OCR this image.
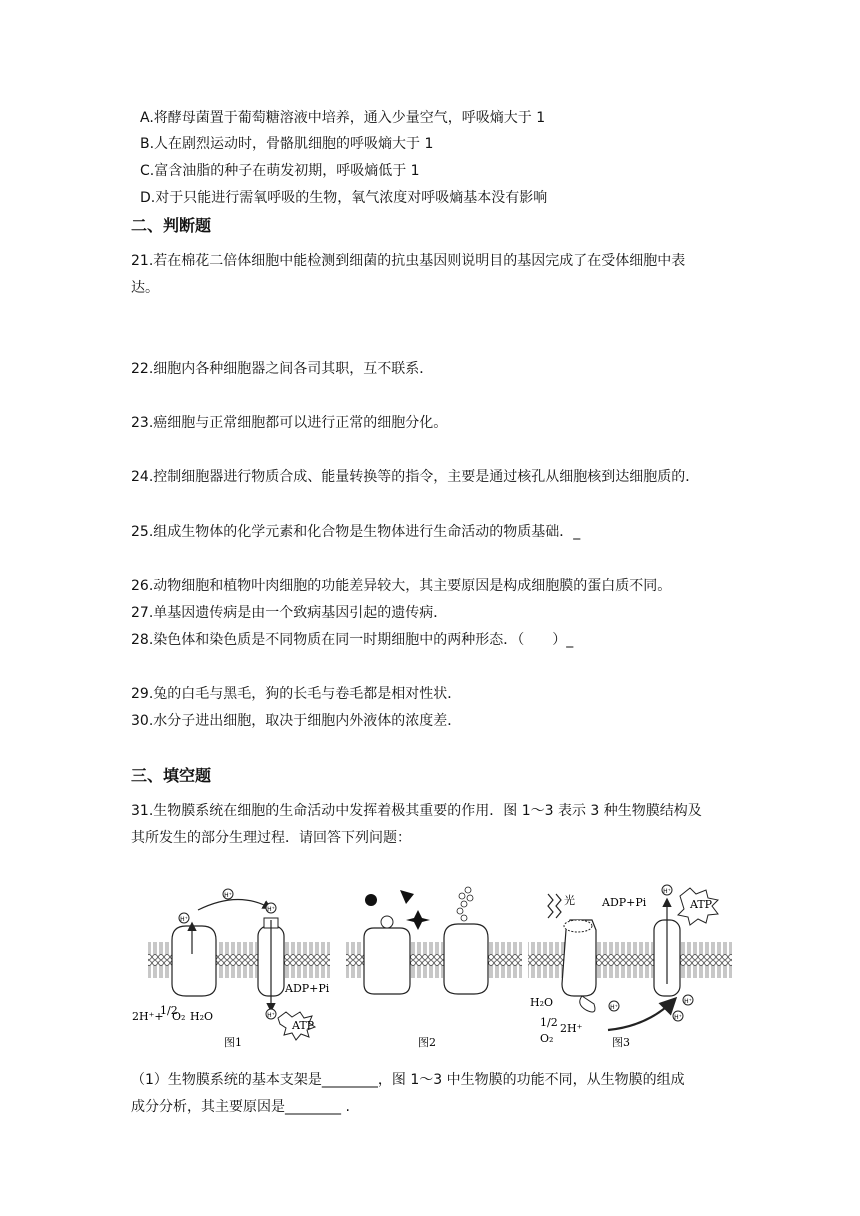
A.将酵母菌置于葡萄糖溶液中培养，通入少量空气，呼吸熵大于 1
B.人在剧烈运动时，骨骼肌细胞的呼吸熵大于 1
C.富含油脂的种子在萌发初期，呼吸熵低于 1
D.对于只能进行需氧呼吸的生物，氧气浓度对呼吸熵基本没有影响
二、判断题
21.若在棉花二倍体细胞中能检测到细菌的抗虫基因则说明目的基因完成了在受体细胞中表
达。
22.细胞内各种细胞器之间各司其职，互不联系．
23.癌细胞与正常细胞都可以进行正常的细胞分化。
24.控制细胞器进行物质合成、能量转换等的指令，主要是通过核孔从细胞核到达细胞质的．
25.组成生物体的化学元素和化合物是生物体进行生命活动的物质基础．_
26.动物细胞和植物叶肉细胞的功能差异较大，其主要原因是构成细胞膜的蛋白质不同。
27.单基因遗传病是由一个致病基因引起的遗传病．
28.染色体和染色质是不同物质在同一时期细胞中的两种形态．（　　）_
29.兔的白毛与黑毛，狗的长毛与卷毛都是相对性状．
30.水分子进出细胞，取决于细胞内外液体的浓度差．
三、填空题
31.生物膜系统在细胞的生命活动中发挥着极其重要的作用．图 1～3 表示 3 种生物膜结构及
其所发生的部分生理过程．请回答下列问题：
H⁺
H⁺
H⁺
H⁺
2H⁺+
1/2
O₂ H₂O
ADP+Pi
ATP
图1	图2
光 ADP+Pi	ATP
H₂O
1/2
O₂
2H⁺
H⁺
H⁺
H⁺
H⁺
图3
（1）生物膜系统的基本支架是________，图 1～3 中生物膜的功能不同，从生物膜的组成
成分分析，其主要原因是________ .
